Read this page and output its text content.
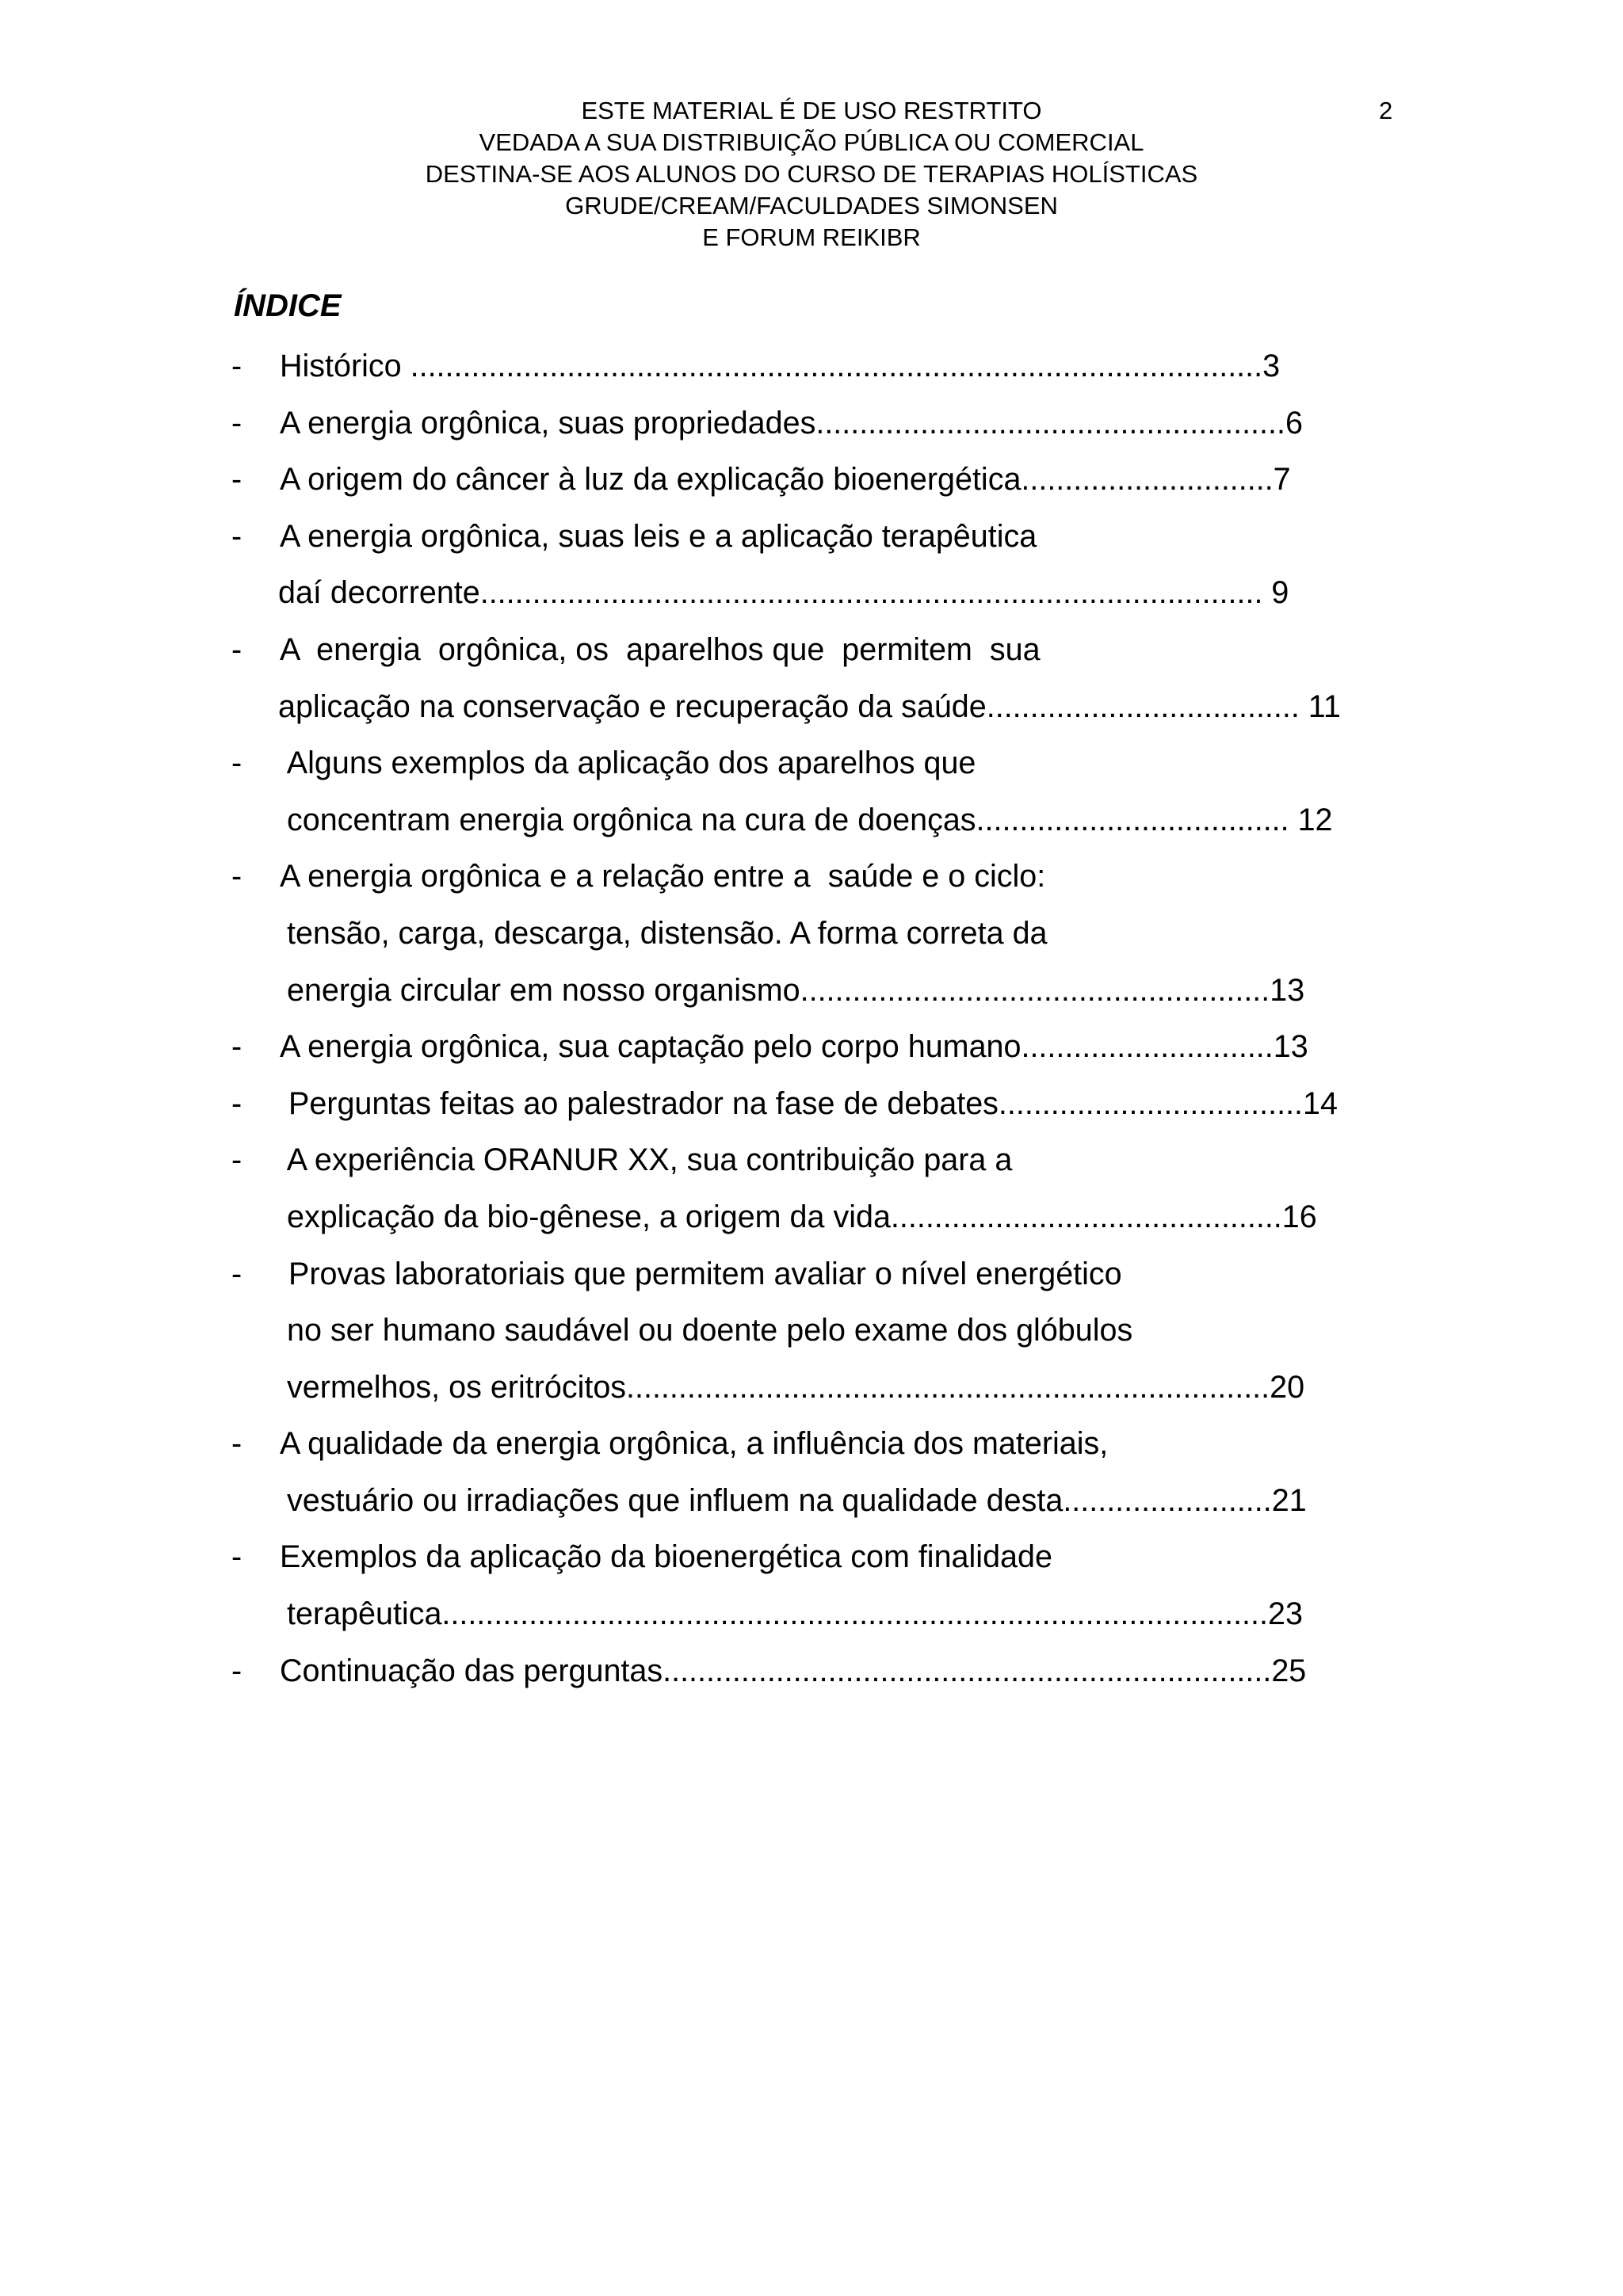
ESTE MATERIAL É DE USO RESTRTITO
VEDADA A SUA DISTRIBUIÇÃO PÚBLICA OU COMERCIAL
DESTINA-SE AOS ALUNOS DO CURSO DE TERAPIAS HOLÍSTICAS
GRUDE/CREAM/FACULDADES SIMONSEN
E FORUM REIKIBR
2
ÍNDICE
- Histórico ..................................................................................................3
- A energia orgônica, suas propriedades......................................................6
- A origem do câncer à luz da explicação bioenergética.............................7
- A energia orgônica, suas leis e a aplicação terapêutica
daí decorrente.......................................................................................... 9
- A  energia  orgônica, os  aparelhos que  permitem  sua
aplicação na conservação e recuperação da saúde.................................... 11
- Alguns exemplos da aplicação dos aparelhos que
concentram energia orgônica na cura de doenças.................................... 12
- A energia orgônica e a relação entre a  saúde e o ciclo:
tensão, carga, descarga, distensão. A forma correta da
energia circular em nosso organismo......................................................13
- A energia orgônica, sua captação pelo corpo humano.............................13
- Perguntas feitas ao palestrador na fase de debates...................................14
- A experiência ORANUR XX, sua contribuição para a
explicação da bio-gênese, a origem da vida.............................................16
- Provas laboratoriais que permitem avaliar o nível energético
no ser humano saudável ou doente pelo exame dos glóbulos
vermelhos, os eritrócitos..........................................................................20
- A qualidade da energia orgônica, a influência dos materiais,
vestuário ou irradiações que influem na qualidade desta........................21
- Exemplos da aplicação da bioenergética com finalidade
terapêutica...............................................................................................23
- Continuação das perguntas......................................................................25
